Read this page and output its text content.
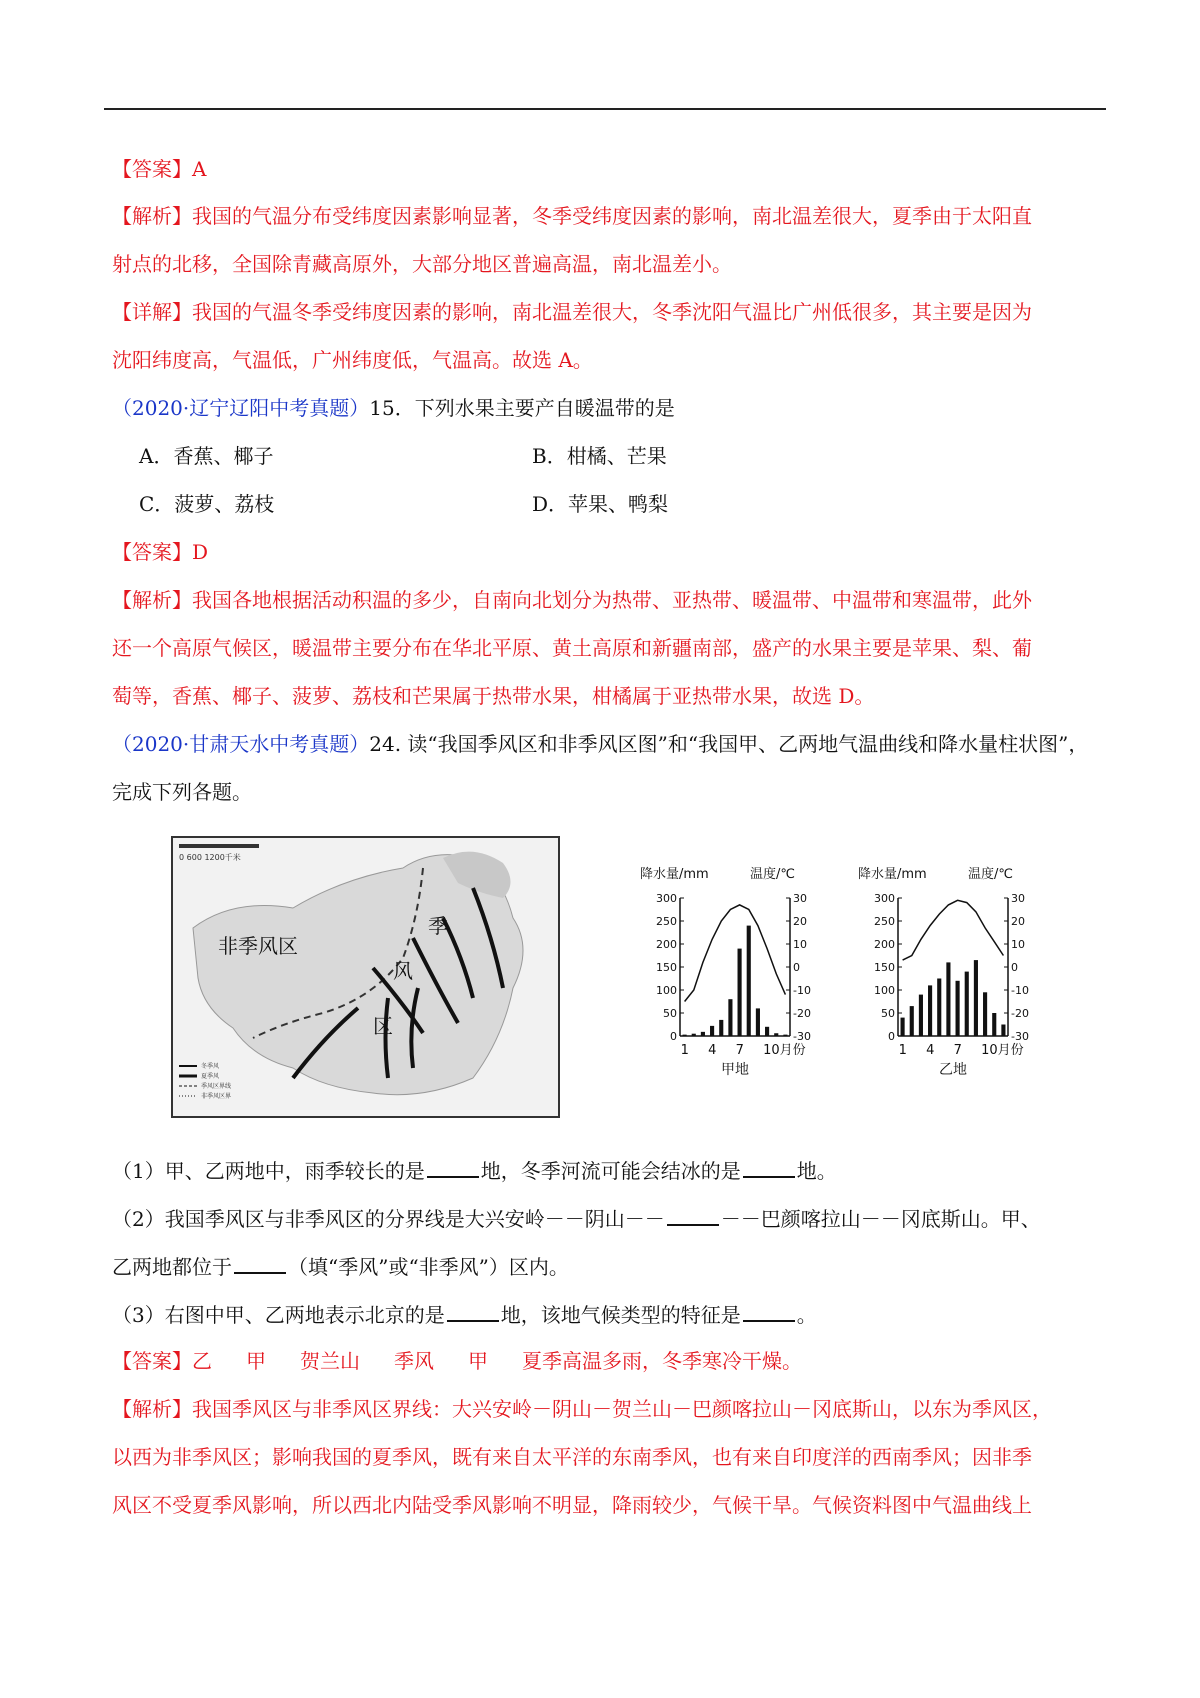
【答案】A
【解析】我国的气温分布受纬度因素影响显著，冬季受纬度因素的影响，南北温差很大，夏季由于太阳直
射点的北移，全国除青藏高原外，大部分地区普遍高温，南北温差小。
【详解】我国的气温冬季受纬度因素的影响，南北温差很大，冬季沈阳气温比广州低很多，其主要是因为
沈阳纬度高，气温低，广州纬度低，气温高。故选 A。
（2020·辽宁辽阳中考真题）15．下列水果主要产自暖温带的是
A．香蕉、椰子	B．柑橘、芒果
C．菠萝、荔枝	D．苹果、鸭梨
【答案】D
【解析】我国各地根据活动积温的多少，自南向北划分为热带、亚热带、暖温带、中温带和寒温带，此外
还一个高原气候区，暖温带主要分布在华北平原、黄土高原和新疆南部，盛产的水果主要是苹果、梨、葡
萄等，香蕉、椰子、菠萝、荔枝和芒果属于热带水果，柑橘属于亚热带水果，故选 D。
（2020·甘肃天水中考真题）24. 读“我国季风区和非季风区图”和“我国甲、乙两地气温曲线和降水量柱状图”，
完成下列各题。
0 600 1200千米
非季风区
季
风
区
冬季风
夏季风
季风区界线
非季风区界
降水量/mm	温度/℃
0
50
100
150
200
250
300
-30
-20
-10
0
10
20
30
1 4 7 10月份
甲地
降水量/mm	温度/℃
0
50
100
150
200
250
300
-30
-20
-10
0
10
20
30
1 4 7 10月份
乙地
（1）甲、乙两地中，雨季较长的是	地，冬季河流可能会结冰的是	地。
（2）我国季风区与非季风区的分界线是大兴安岭－－阴山－－	－－巴颜喀拉山－－冈底斯山。甲、
乙两地都位于	（填“季风”或“非季风”）区内。
（3）右图中甲、乙两地表示北京的是	地，该地气候类型的特征是	。
【答案】乙 甲 贺兰山 季风 甲 夏季高温多雨，冬季寒冷干燥。
【解析】我国季风区与非季风区界线：大兴安岭－阴山－贺兰山－巴颜喀拉山－冈底斯山，以东为季风区，
以西为非季风区；影响我国的夏季风，既有来自太平洋的东南季风，也有来自印度洋的西南季风；因非季
风区不受夏季风影响，所以西北内陆受季风影响不明显，降雨较少，气候干旱。气候资料图中气温曲线上
